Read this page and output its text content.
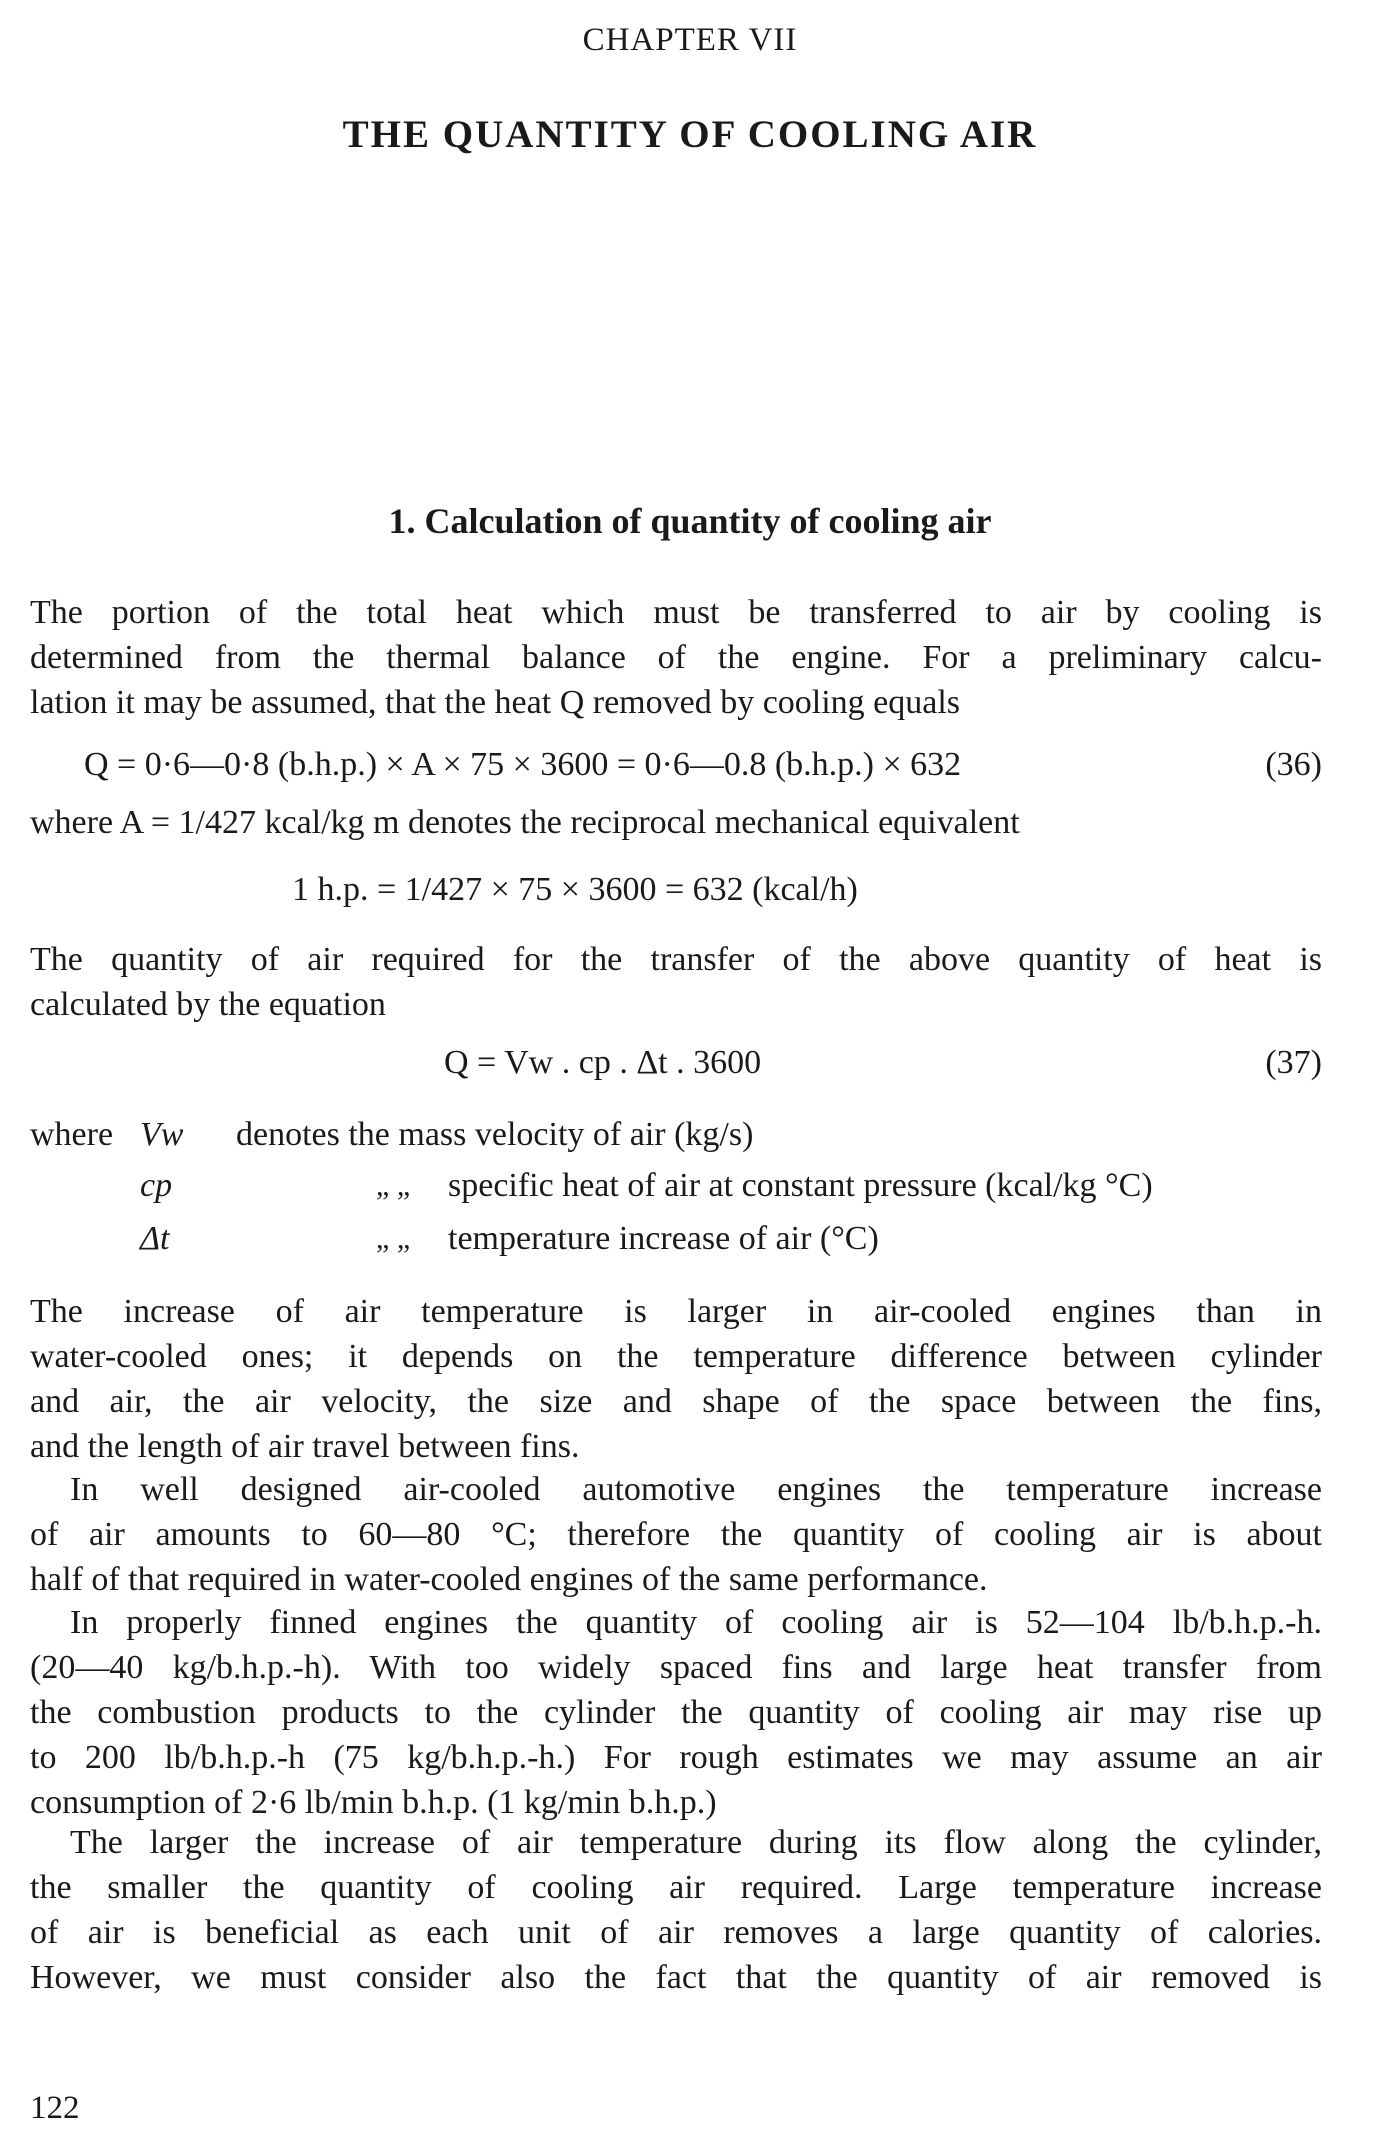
CHAPTER VII
THE QUANTITY OF COOLING AIR
1. Calculation of quantity of cooling air
The portion of the total heat which must be transferred to air by cooling is
determined from the thermal balance of the engine. For a preliminary calcu-
lation it may be assumed, that the heat Q removed by cooling equals
Q = 0·6—0·8 (b.h.p.) × A × 75 × 3600 = 0·6—0.8 (b.h.p.) × 632	(36)
where A = 1/427 kcal/kg m denotes the reciprocal mechanical equivalent
1 h.p. = 1/427 × 75 × 3600 = 632 (kcal/h)
The quantity of air required for the transfer of the above quantity of heat is
calculated by the equation
Q = Vw . cp . Δt . 3600	(37)
where Vw denotes the mass velocity of air (kg/s)
cp	„ „ specific heat of air at constant pressure (kcal/kg °C)
Δt	„ „ temperature increase of air (°C)
The increase of air temperature is larger in air-cooled engines than in
water-cooled ones; it depends on the temperature difference between cylinder
and air, the air velocity, the size and shape of the space between the fins,
and the length of air travel between fins.
In well designed air-cooled automotive engines the temperature increase
of air amounts to 60—80 °C; therefore the quantity of cooling air is about
half of that required in water-cooled engines of the same performance.
In properly finned engines the quantity of cooling air is 52—104 lb/b.h.p.-h.
(20—40 kg/b.h.p.-h). With too widely spaced fins and large heat transfer from
the combustion products to the cylinder the quantity of cooling air may rise up
to 200 lb/b.h.p.-h (75 kg/b.h.p.-h.) For rough estimates we may assume an air
consumption of 2·6 lb/min b.h.p. (1 kg/min b.h.p.)
The larger the increase of air temperature during its flow along the cylinder,
the smaller the quantity of cooling air required. Large temperature increase
of air is beneficial as each unit of air removes a large quantity of calories.
However, we must consider also the fact that the quantity of air removed is
122
